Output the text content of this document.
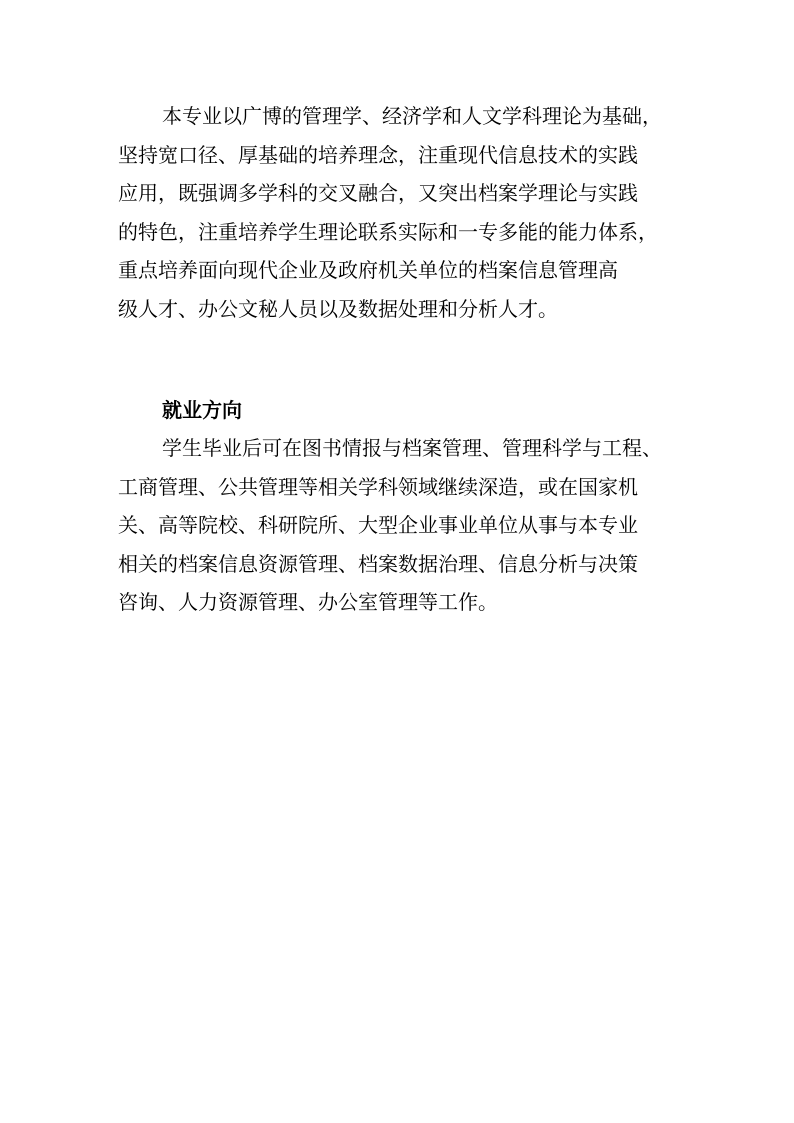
本专业以广博的管理学、经济学和人文学科理论为基础，
坚持宽口径、厚基础的培养理念，注重现代信息技术的实践
应用，既强调多学科的交叉融合，又突出档案学理论与实践
的特色，注重培养学生理论联系实际和一专多能的能力体系，
重点培养面向现代企业及政府机关单位的档案信息管理高
级人才、办公文秘人员以及数据处理和分析人才。
就业方向
学生毕业后可在图书情报与档案管理、管理科学与工程、
工商管理、公共管理等相关学科领域继续深造，或在国家机
关、高等院校、科研院所、大型企业事业单位从事与本专业
相关的档案信息资源管理、档案数据治理、信息分析与决策
咨询、人力资源管理、办公室管理等工作。
